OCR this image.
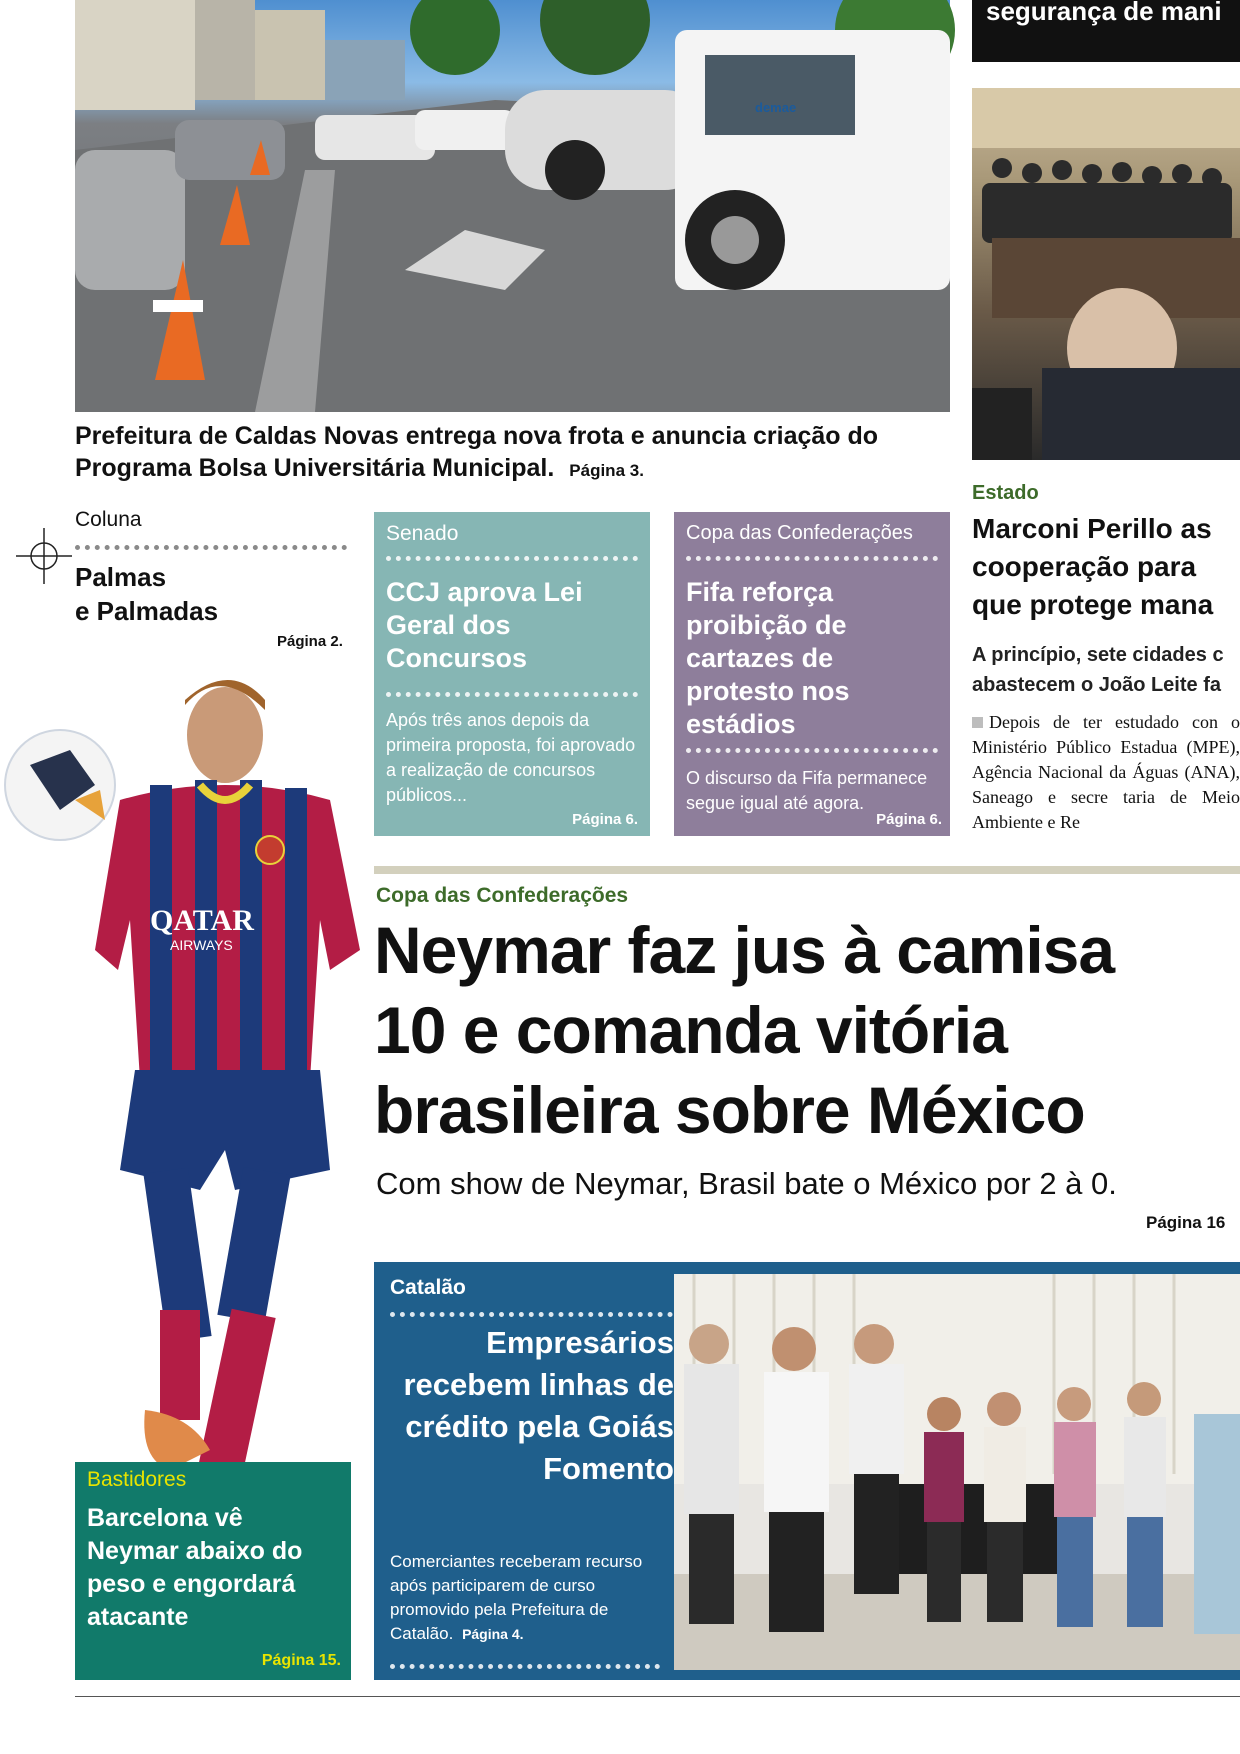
demae
Prefeitura de Caldas Novas entrega nova frota e anuncia criação do Programa Bolsa Universitária Municipal. Página 3.
segurança de mani
Estado
Marconi Perillo as cooperação para que protege mana
A princípio, sete cidades c abastecem o João Leite fa
Depois de ter estudado con o Ministério Público Estadua (MPE), Agência Nacional da Águas (ANA), Saneago e secre taria de Meio Ambiente e Re
Coluna
Palmas
e Palmadas
Página 2.
Senado
CCJ aprova Lei Geral dos Concursos
Após três anos depois da primeira proposta, foi aprovado a realização de concursos públicos...
Página 6.
Copa das Confederações
Fifa reforça proibição de cartazes de protesto nos estádios
O discurso da Fifa permanece segue igual até agora.
Página 6.
QATAR
AIRWAYS
Copa das Confederações
Neymar faz jus à camisa
10 e comanda vitória
brasileira sobre México
Com show de Neymar, Brasil bate o México por 2 à 0.
Página 16
Bastidores
Barcelona vê Neymar abaixo do peso e engordará atacante
Página 15.
Catalão
Empresários recebem linhas de crédito pela Goiás Fomento
Comerciantes receberam recurso após participarem de curso promovido pela Prefeitura de Catalão. Página 4.
